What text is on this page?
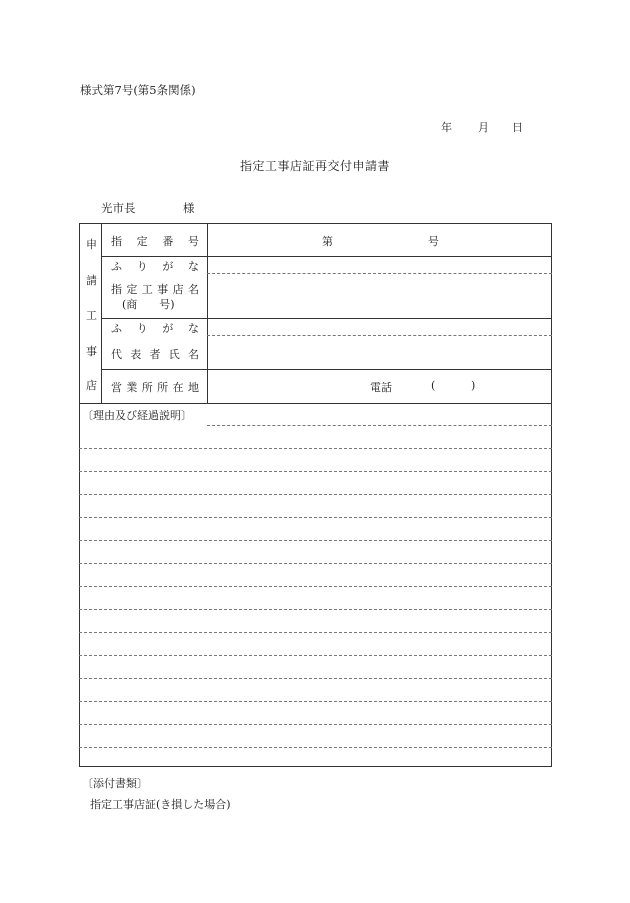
様式第7号(第5条関係)
年 月 日
指定工事店証再交付申請書
光市長	様
申
請
工
事
店
指 定 番 号	第	号
ふ り が な
指 定 工 事 店 名
(商　　号)
ふ り が な
代 表 者 氏 名
営 業 所 所 在 地	電話	(	)
〔理由及び経過説明〕
〔添付書類〕
指定工事店証(き損した場合)
